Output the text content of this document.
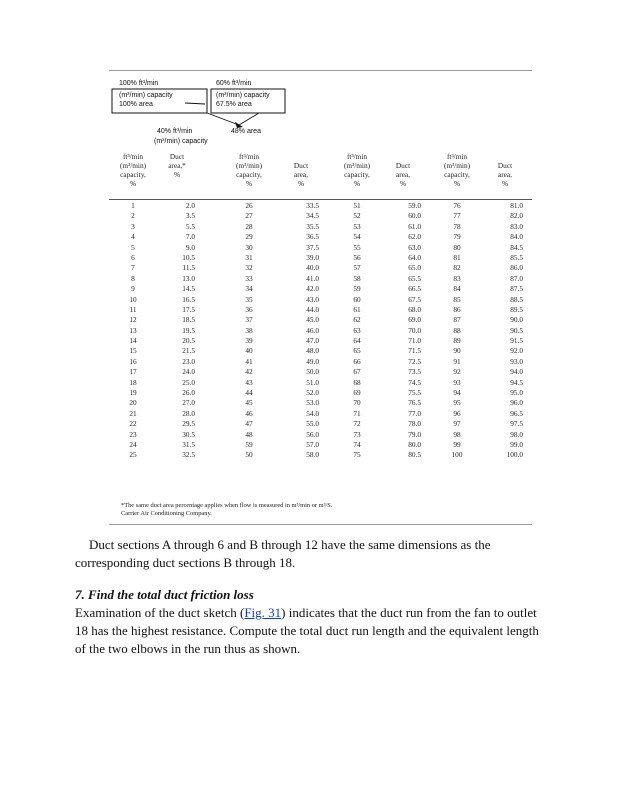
100% ft³/min
(m³/min) capacity
100% area
60% ft³/min
(m³/min) capacity
67.5% area
40% ft³/min
(m³/min) capacity
48% area
ft³/min
(m³/min)
capacity,
%
Duct
area,*
%
ft³/min
(m³/min)
capacity,
%
Duct
area,
%
ft³/min
(m³/min)
capacity,
%
Duct
area,
%
ft³/min
(m³/min)
capacity,
%
Duct
area,
%
1	2.0	26	33.5	51	59.0	76	81.0
2	3.5	27	34.5	52	60.0	77	82.0
3	5.5	28	35.5	53	61.0	78	83.0
4	7.0	29	36.5	54	62.0	79	84.0
5	9.0	30	37.5	55	63.0	80	84.5
6	10.5	31	39.0	56	64.0	81	85.5
7	11.5	32	40.0	57	65.0	82	86.0
8	13.0	33	41.0	58	65.5	83	87.0
9	14.5	34	42.0	59	66.5	84	87.5
10	16.5	35	43.0	60	67.5	85	88.5
11	17.5	36	44.0	61	68.0	86	89.5
12	18.5	37	45.0	62	69.0	87	90.0
13	19.5	38	46.0	63	70.0	88	90.5
14	20.5	39	47.0	64	71.0	89	91.5
15	21.5	40	48.0	65	71.5	90	92.0
16	23.0	41	49.0	66	72.5	91	93.0
17	24.0	42	50.0	67	73.5	92	94.0
18	25.0	43	51.0	68	74.5	93	94.5
19	26.0	44	52.0	69	75.5	94	95.0
20	27.0	45	53.0	70	76.5	95	96.0
21	28.0	46	54.0	71	77.0	96	96.5
22	29.5	47	55.0	72	78.0	97	97.5
23	30.5	48	56.0	73	79.0	98	98.0
24	31.5	59	57.0	74	80.0	99	99.0
25	32.5	50	58.0	75	80.5	100	100.0
*The same duct area percentage applies when flow is measured in m³/min or m³/S.
Carrier Air Conditioning Company.

Duct sections A through 6 and B through 12 have the same dimensions as the corresponding duct sections B through 18.

7. Find the total duct friction loss

Examination of the duct sketch (Fig. 31) indicates that the duct run from the fan to outlet 18 has the highest resistance. Compute the total duct run length and the equivalent length of the two elbows in the run thus as shown.
